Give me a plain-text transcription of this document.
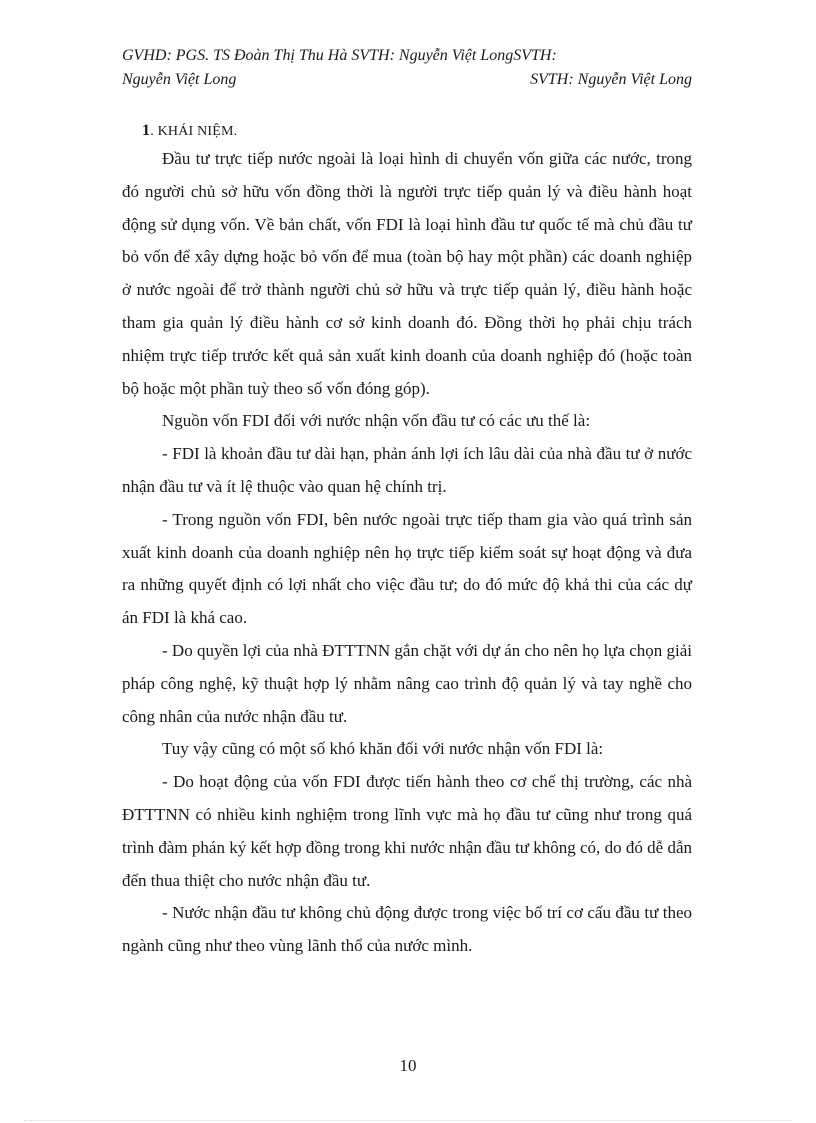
GVHD: PGS. TS Đoàn Thị Thu Hà SVTH: Nguyễn Việt LongSVTH:
Nguyễn Việt Long	SVTH: Nguyễn Việt Long

1. KHÁI NIỆM.

Đầu tư trực tiếp nước ngoài là loại hình di chuyển vốn giữa các nước, trong đó người chủ sở hữu vốn đồng thời là người trực tiếp quản lý và điều hành hoạt động sử dụng vốn. Về bản chất, vốn FDI là loại hình đầu tư quốc tế mà chủ đầu tư bỏ vốn để xây dựng hoặc bỏ vốn để mua (toàn bộ hay một phần) các doanh nghiệp ở nước ngoài để trở thành người chủ sở hữu và trực tiếp quản lý, điều hành hoặc tham gia quản lý điều hành cơ sở kinh doanh đó. Đồng thời họ phải chịu trách nhiệm trực tiếp trước kết quả sản xuất kinh doanh của doanh nghiệp đó (hoặc toàn bộ hoặc một phần tuỳ theo số vốn đóng góp).

Nguồn vốn FDI đối với nước nhận vốn đầu tư có các ưu thế là:

- FDI là khoản đầu tư dài hạn, phản ánh lợi ích lâu dài của nhà đầu tư ở nước nhận đầu tư và ít lệ thuộc vào quan hệ chính trị.

- Trong nguồn vốn FDI, bên nước ngoài trực tiếp tham gia vào quá trình sản xuất kinh doanh của doanh nghiệp nên họ trực tiếp kiểm soát sự hoạt động và đưa ra những quyết định có lợi nhất cho việc đầu tư; do đó mức độ khả thi của các dự án FDI là khá cao.

- Do quyền lợi của nhà ĐTTTNN gắn chặt với dự án cho nên họ lựa chọn giải pháp công nghệ, kỹ thuật hợp lý nhằm nâng cao trình độ quản lý và tay nghề cho công nhân của nước nhận đầu tư.

Tuy vậy cũng có một số khó khăn đối với nước nhận vốn FDI là:

- Do hoạt động của vốn FDI được tiến hành theo cơ chế thị trường, các nhà ĐTTTNN có nhiều kinh nghiệm trong lĩnh vực mà họ đầu tư cũng như trong quá trình đàm phán ký kết hợp đồng trong khi nước nhận đầu tư không có, do đó dễ dẫn đến thua thiệt cho nước nhận đầu tư.

- Nước nhận đầu tư không chủ động được trong việc bố trí cơ cấu đầu tư theo ngành cũng như theo vùng lãnh thổ của nước mình.

10
